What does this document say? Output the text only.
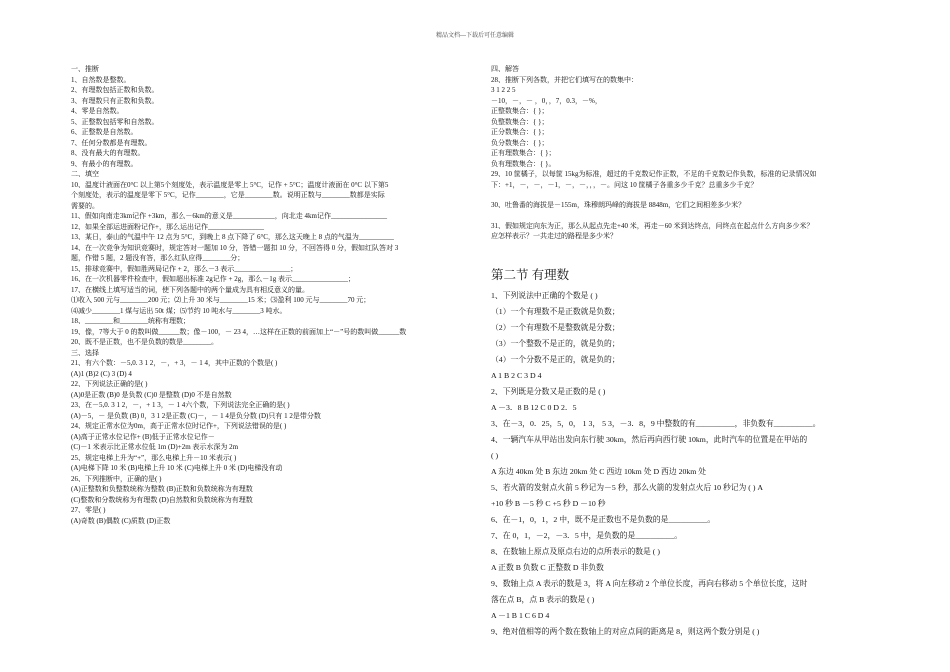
精品文档---下载后可任意编辑
一、推断
1、自然数是整数。
2、有理数包括正数和负数。
3、有理数只有正数和负数。
4、零是自然数。
5、正整数包括零和自然数。
6、正整数是自然数。
7、任何分数都是有理数。
8、没有最大的有理数。
9、有最小的有理数。
二、填空
10、温度计液面在0°C 以上第5个刻度处，表示温度是零上 5°C，记作 + 5°C；温度计液面在 0°C 以下第5
个刻度处，表示的温度是零下 5°C，记作________，它是________数。说明正数与________数都是实际
需要的。
11、假如向南走3km记作 +3km，那么－6km的意义是____________，向北走 4km记作________________
12、如果全部运进面粉记作+，那么运出记作________________
13、某日，泰山的气温中午 12 点为 5°C，到晚上 8 点下降了 6°C，那么这天晚上 8 点的气温为__________
14、在一次竞争为知识竞赛时，规定答对一题加 10 分，答错一题扣 10 分，不回答得 0 分，假如红队答对 3
题，作错 5 题，2 题没有答，那么红队应得________分；
15、排球竞赛中，假如胜两局记作 + 2，那么－3 表示________________；
16、在一次机器零件检查中，假如超出标准 2g记作 + 2g，那么－1g 表示________________；
17、在横线上填写适当的词，使下列各题中的两个量成为具有相反意义的量。
⑴收入 500 元与________200 元；⑵上升 30 米与________15 米；⑶盈利 100 元与________70 元；
⑷减少________1 煤与运出 50t 煤；⑸节约 10 吨水与________3 吨水。
18、________和________统称有理数；
19、像，7等大于 0 的数叫做______数；像－100，－ 23 4，…这样在正数的前面加上“－”号的数叫做______数
20、既不是正数，也不是负数的数是________。
三、选择
21、有六个数：－5,0. 3 1 2，－，+ 3，－ 1 4，其中正数的个数是( )
(A)1 (B)2 (C) 3 (D) 4
22、下列说法正确的是( )
(A)0是正数 (B)0 是负数 (C)0 是整数 (D)0 不是自然数
23、在－5,0. 3 1 2，－，+ 1 3，－ 1 4六个数，下列说法完全正确的是( )
(A)－5，－ 是负数 (B) 0，3 1 2是正数 (C)－，－ 1 4是负分数 (D)只有 1 2是带分数
24、规定正常水位为0m，高于正常水位时记作+，下列说法错误的是( )
(A)高于正常水位记作+ (B)低于正常水位记作－
(C)－1 米表示比正常水位低 1m (D)+2m 表示水深为 2m
25、规定电梯上升为“+”，那么电梯上升－10 米表示( )
(A)电梯下降 10 米 (B)电梯上升 10 米 (C)电梯上升 0 米 (D)电梯没有动
26、下列推断中，正确的是( )
(A)正整数和负整数统称为整数 (B)正数和负数统称为有理数
(C)整数和分数统称为有理数 (D)自然数和负数统称为有理数
27、零是( )
(A)奇数 (B)偶数 (C)质数 (D)正数
四、解答
28、推断下列各数，并把它们填写在的数集中：
3 1 2 2 5
－10，－，－ ，0，，7，0.3，－%，
正整数集合：{ }；
负整数集合：{ }；
正分数集合：{ }；
负分数集合：{ }；
正有理数集合：{ }；
负有理数集合：{ }。
29、10 筐橘子，以每筐 15kg为标准，超过的千克数记作正数，不足的千克数记作负数，标准的记录情况如
下：+1，－，－，－1，－，－，，，－。问这 10 筐橘子各重多少千克？总重多少千克？
30、吐鲁番的海拔是－155m，珠穆朗玛峰的海拔是 8848m，它们之间相差多少米？
31、假如规定向东为正，那么从起点先走+40 米，再走－60 米到达终点，问终点在起点什么方向多少米？
应怎样表示？一共走过的路程是多少米？
第二节 有理数
1、下列说法中正确的个数是 ( )
（1）一个有理数不是正数就是负数；
（2）一个有理数不是整数就是分数；
（3）一个整数不是正的，就是负的；
（4）一个分数不是正的，就是负的；
A 1 B 2 C 3 D 4
2、下列既是分数又是正数的是 ( )
A －3．8 B 12 C 0 D 2．5
3、在－3，0．25，5，0， 1 3， 5 3，－3．8，9 中整数的有__________，非负数有__________。
4、一辆汽车从甲站出发向东行驶 30km，然后再向西行驶 10km，此时汽车的位置是在甲站的
( )
A 东边 40km 处 B 东边 20km 处 C 西边 10km 处 D 西边 20km 处
5、若火箭的发射点火前 5 秒记为－5 秒，那么火箭的发射点火后 10 秒记为 ( ) A
+10 秒 B －5 秒 C +5 秒 D －10 秒
6、在－1，0，1，2 中，既不是正数也不是负数的是__________。
7、在 0，1，－2，－3．5 中，是负数的是__________。
8、在数轴上原点及原点右边的点所表示的数是 ( )
A 正数 B 负数 C 正整数 D 非负数
9、数轴上点 A 表示的数是 3，将 A 向左移动 2 个单位长度，再向右移动 5 个单位长度，这时
落在点 B，点 B 表示的数是 ( )
A －1 B 1 C 6 D 4
9、绝对值相等的两个数在数轴上的对应点间的距离是 8，则这两个数分别是 ( )
